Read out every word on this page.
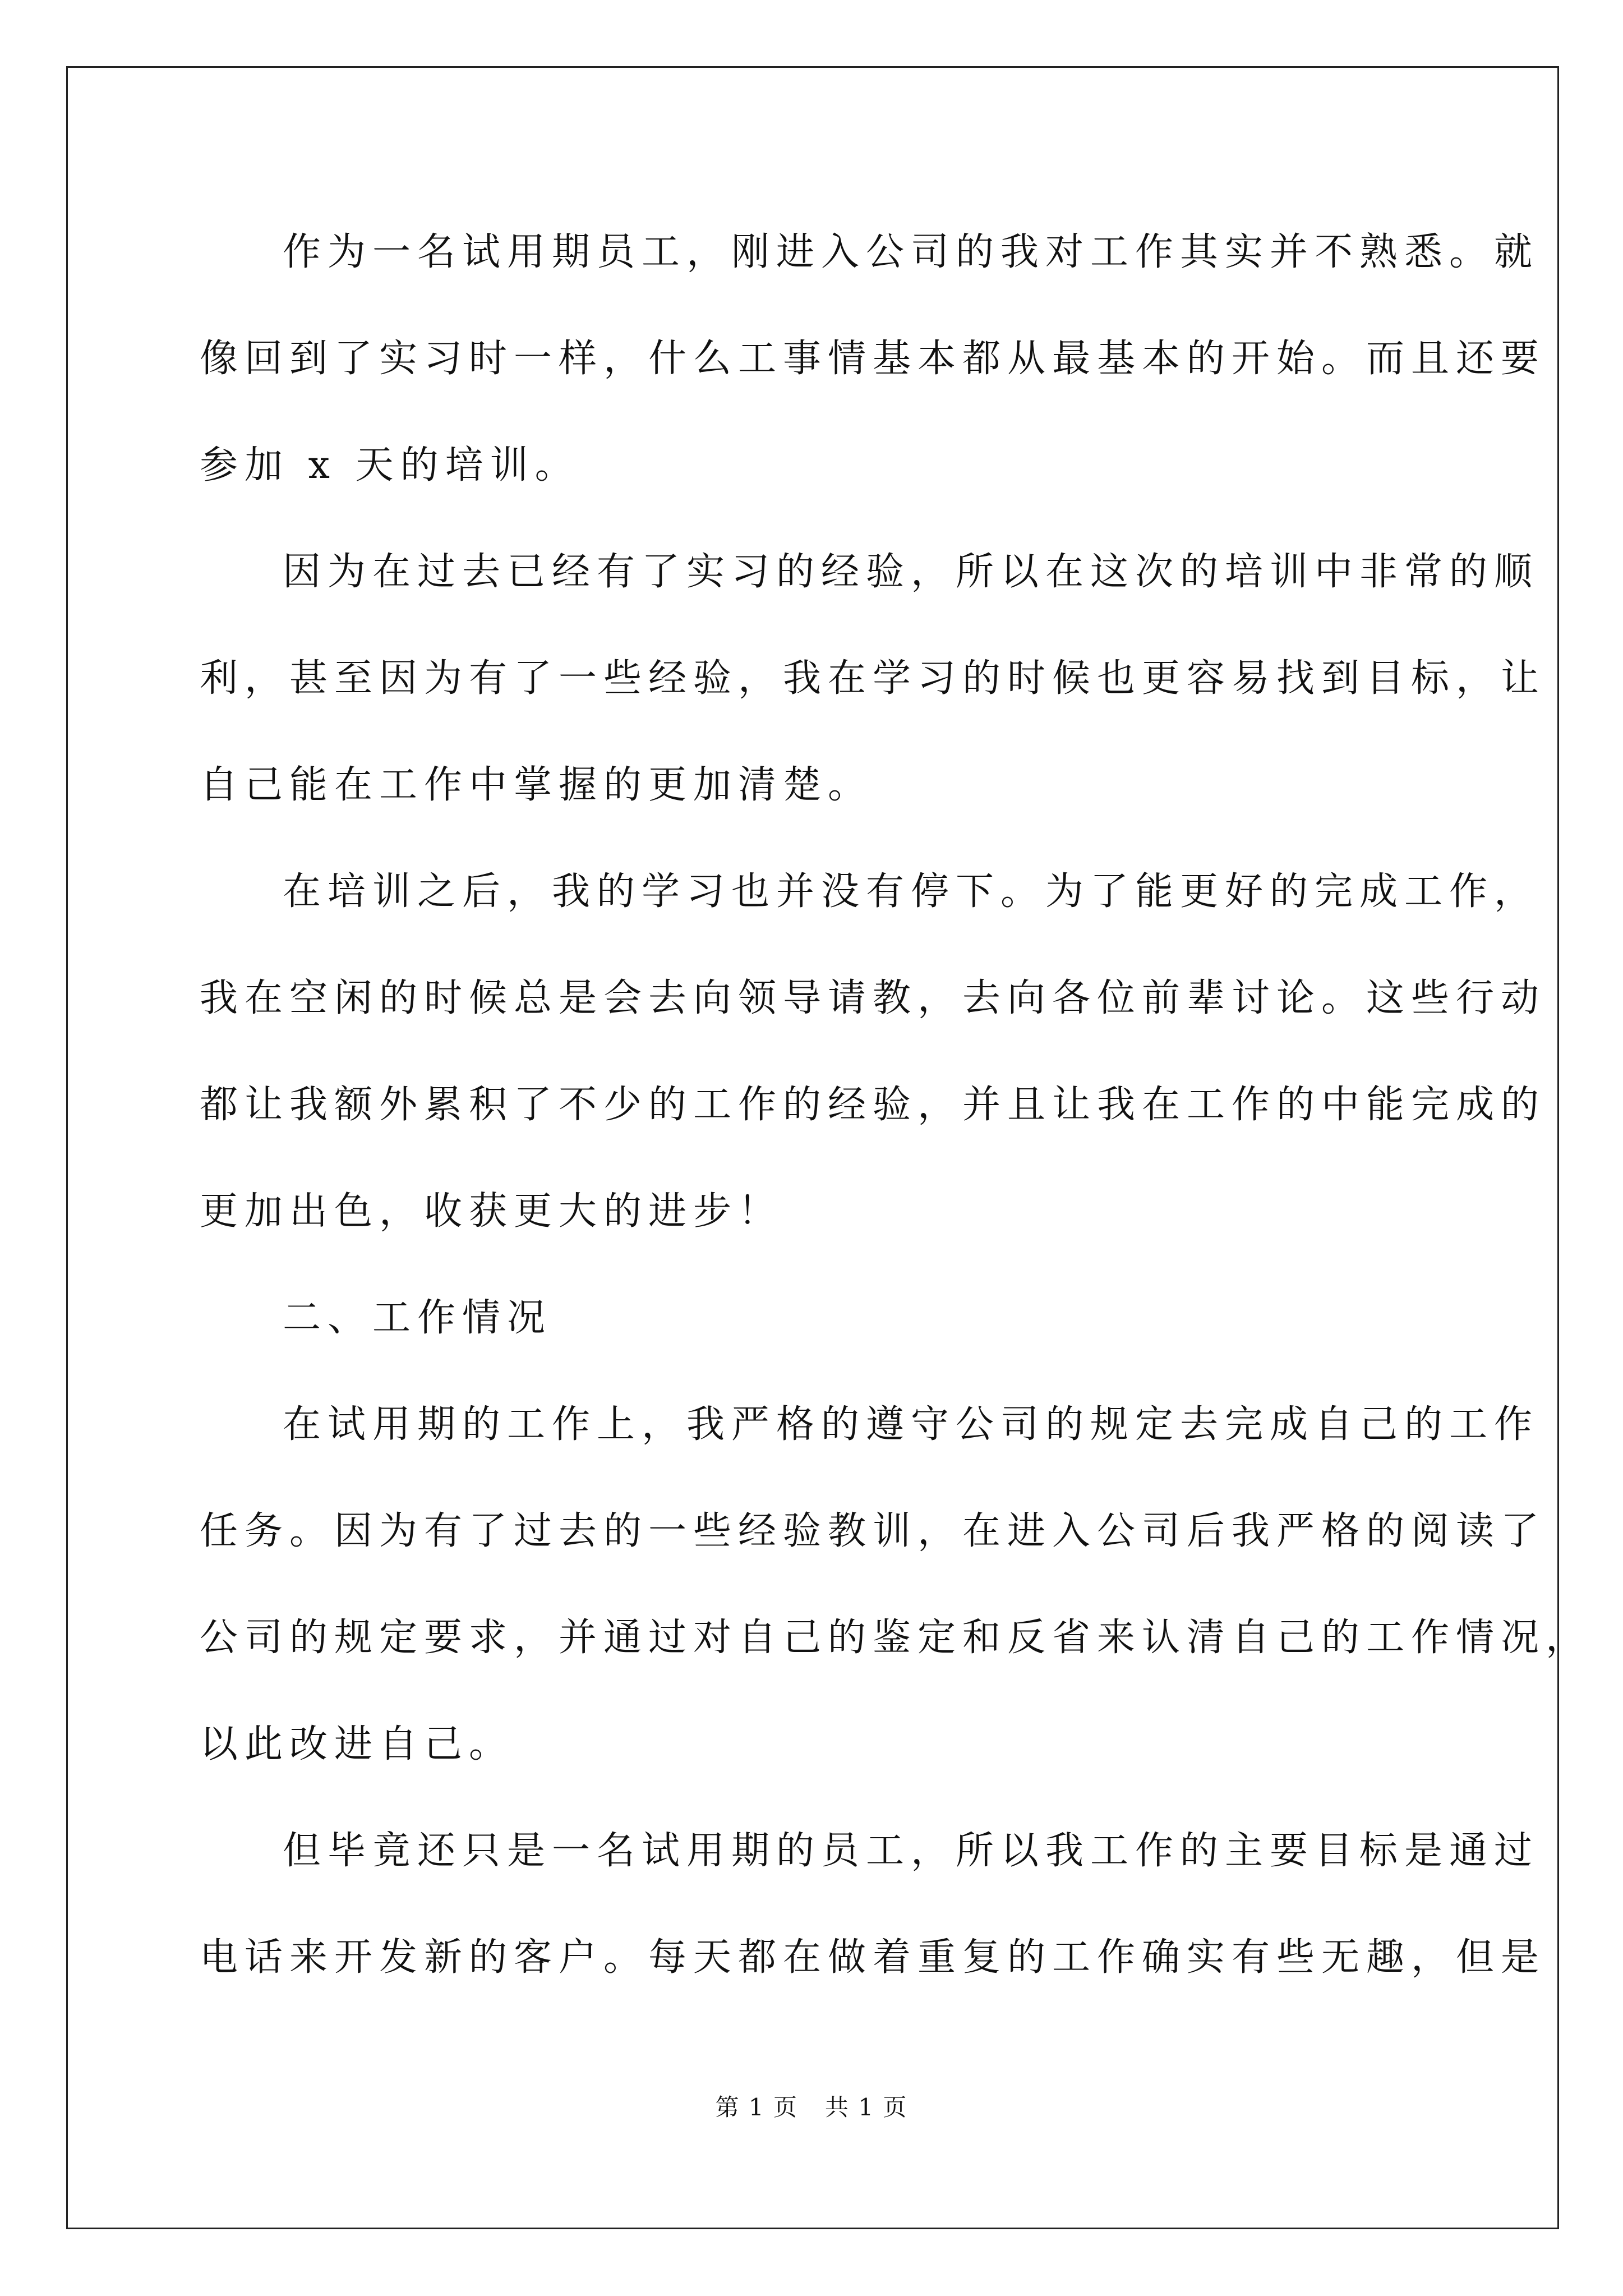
作为一名试用期员工，刚进入公司的我对工作其实并不熟悉。就
像回到了实习时一样，什么工事情基本都从最基本的开始。而且还要
参加 x 天的培训。
因为在过去已经有了实习的经验，所以在这次的培训中非常的顺
利，甚至因为有了一些经验，我在学习的时候也更容易找到目标，让
自己能在工作中掌握的更加清楚。
在培训之后，我的学习也并没有停下。为了能更好的完成工作，
我在空闲的时候总是会去向领导请教，去向各位前辈讨论。这些行动
都让我额外累积了不少的工作的经验，并且让我在工作的中能完成的
更加出色，收获更大的进步！
二、工作情况
在试用期的工作上，我严格的遵守公司的规定去完成自己的工作
任务。因为有了过去的一些经验教训，在进入公司后我严格的阅读了
公司的规定要求，并通过对自己的鉴定和反省来认清自己的工作情况，
以此改进自己。
但毕竟还只是一名试用期的员工，所以我工作的主要目标是通过
电话来开发新的客户。每天都在做着重复的工作确实有些无趣，但是
第 1 页 共 1 页
